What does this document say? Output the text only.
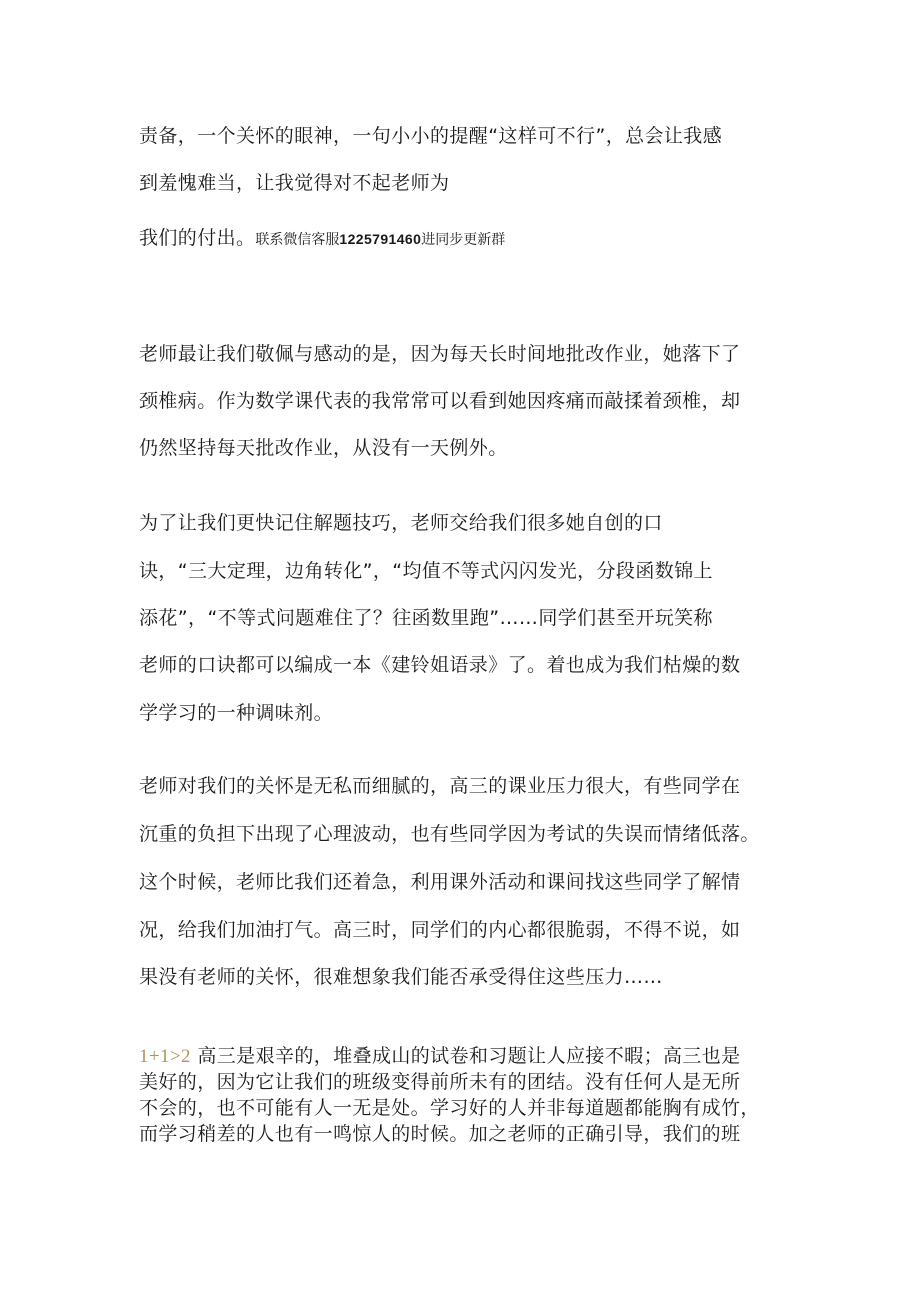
责备，一个关怀的眼神，一句小小的提醒“这样可不行”，总会让我感
到羞愧难当，让我觉得对不起老师为
我们的付出。联系微信客服1225791460进同步更新群
老师最让我们敬佩与感动的是，因为每天长时间地批改作业，她落下了
颈椎病。作为数学课代表的我常常可以看到她因疼痛而敲揉着颈椎，却
仍然坚持每天批改作业，从没有一天例外。
为了让我们更快记住解题技巧，老师交给我们很多她自创的口
诀，“三大定理，边角转化”，“均值不等式闪闪发光，分段函数锦上
添花”，“不等式问题难住了？往函数里跑”……同学们甚至开玩笑称
老师的口诀都可以编成一本《建铃姐语录》了。着也成为我们枯燥的数
学学习的一种调味剂。
老师对我们的关怀是无私而细腻的，高三的课业压力很大，有些同学在
沉重的负担下出现了心理波动，也有些同学因为考试的失误而情绪低落。
这个时候，老师比我们还着急，利用课外活动和课间找这些同学了解情
况，给我们加油打气。高三时，同学们的内心都很脆弱，不得不说，如
果没有老师的关怀，很难想象我们能否承受得住这些压力……
1+1>2 高三是艰辛的，堆叠成山的试卷和习题让人应接不暇；高三也是
美好的，因为它让我们的班级变得前所未有的团结。没有任何人是无所
不会的，也不可能有人一无是处。学习好的人并非每道题都能胸有成竹，
而学习稍差的人也有一鸣惊人的时候。加之老师的正确引导，我们的班
